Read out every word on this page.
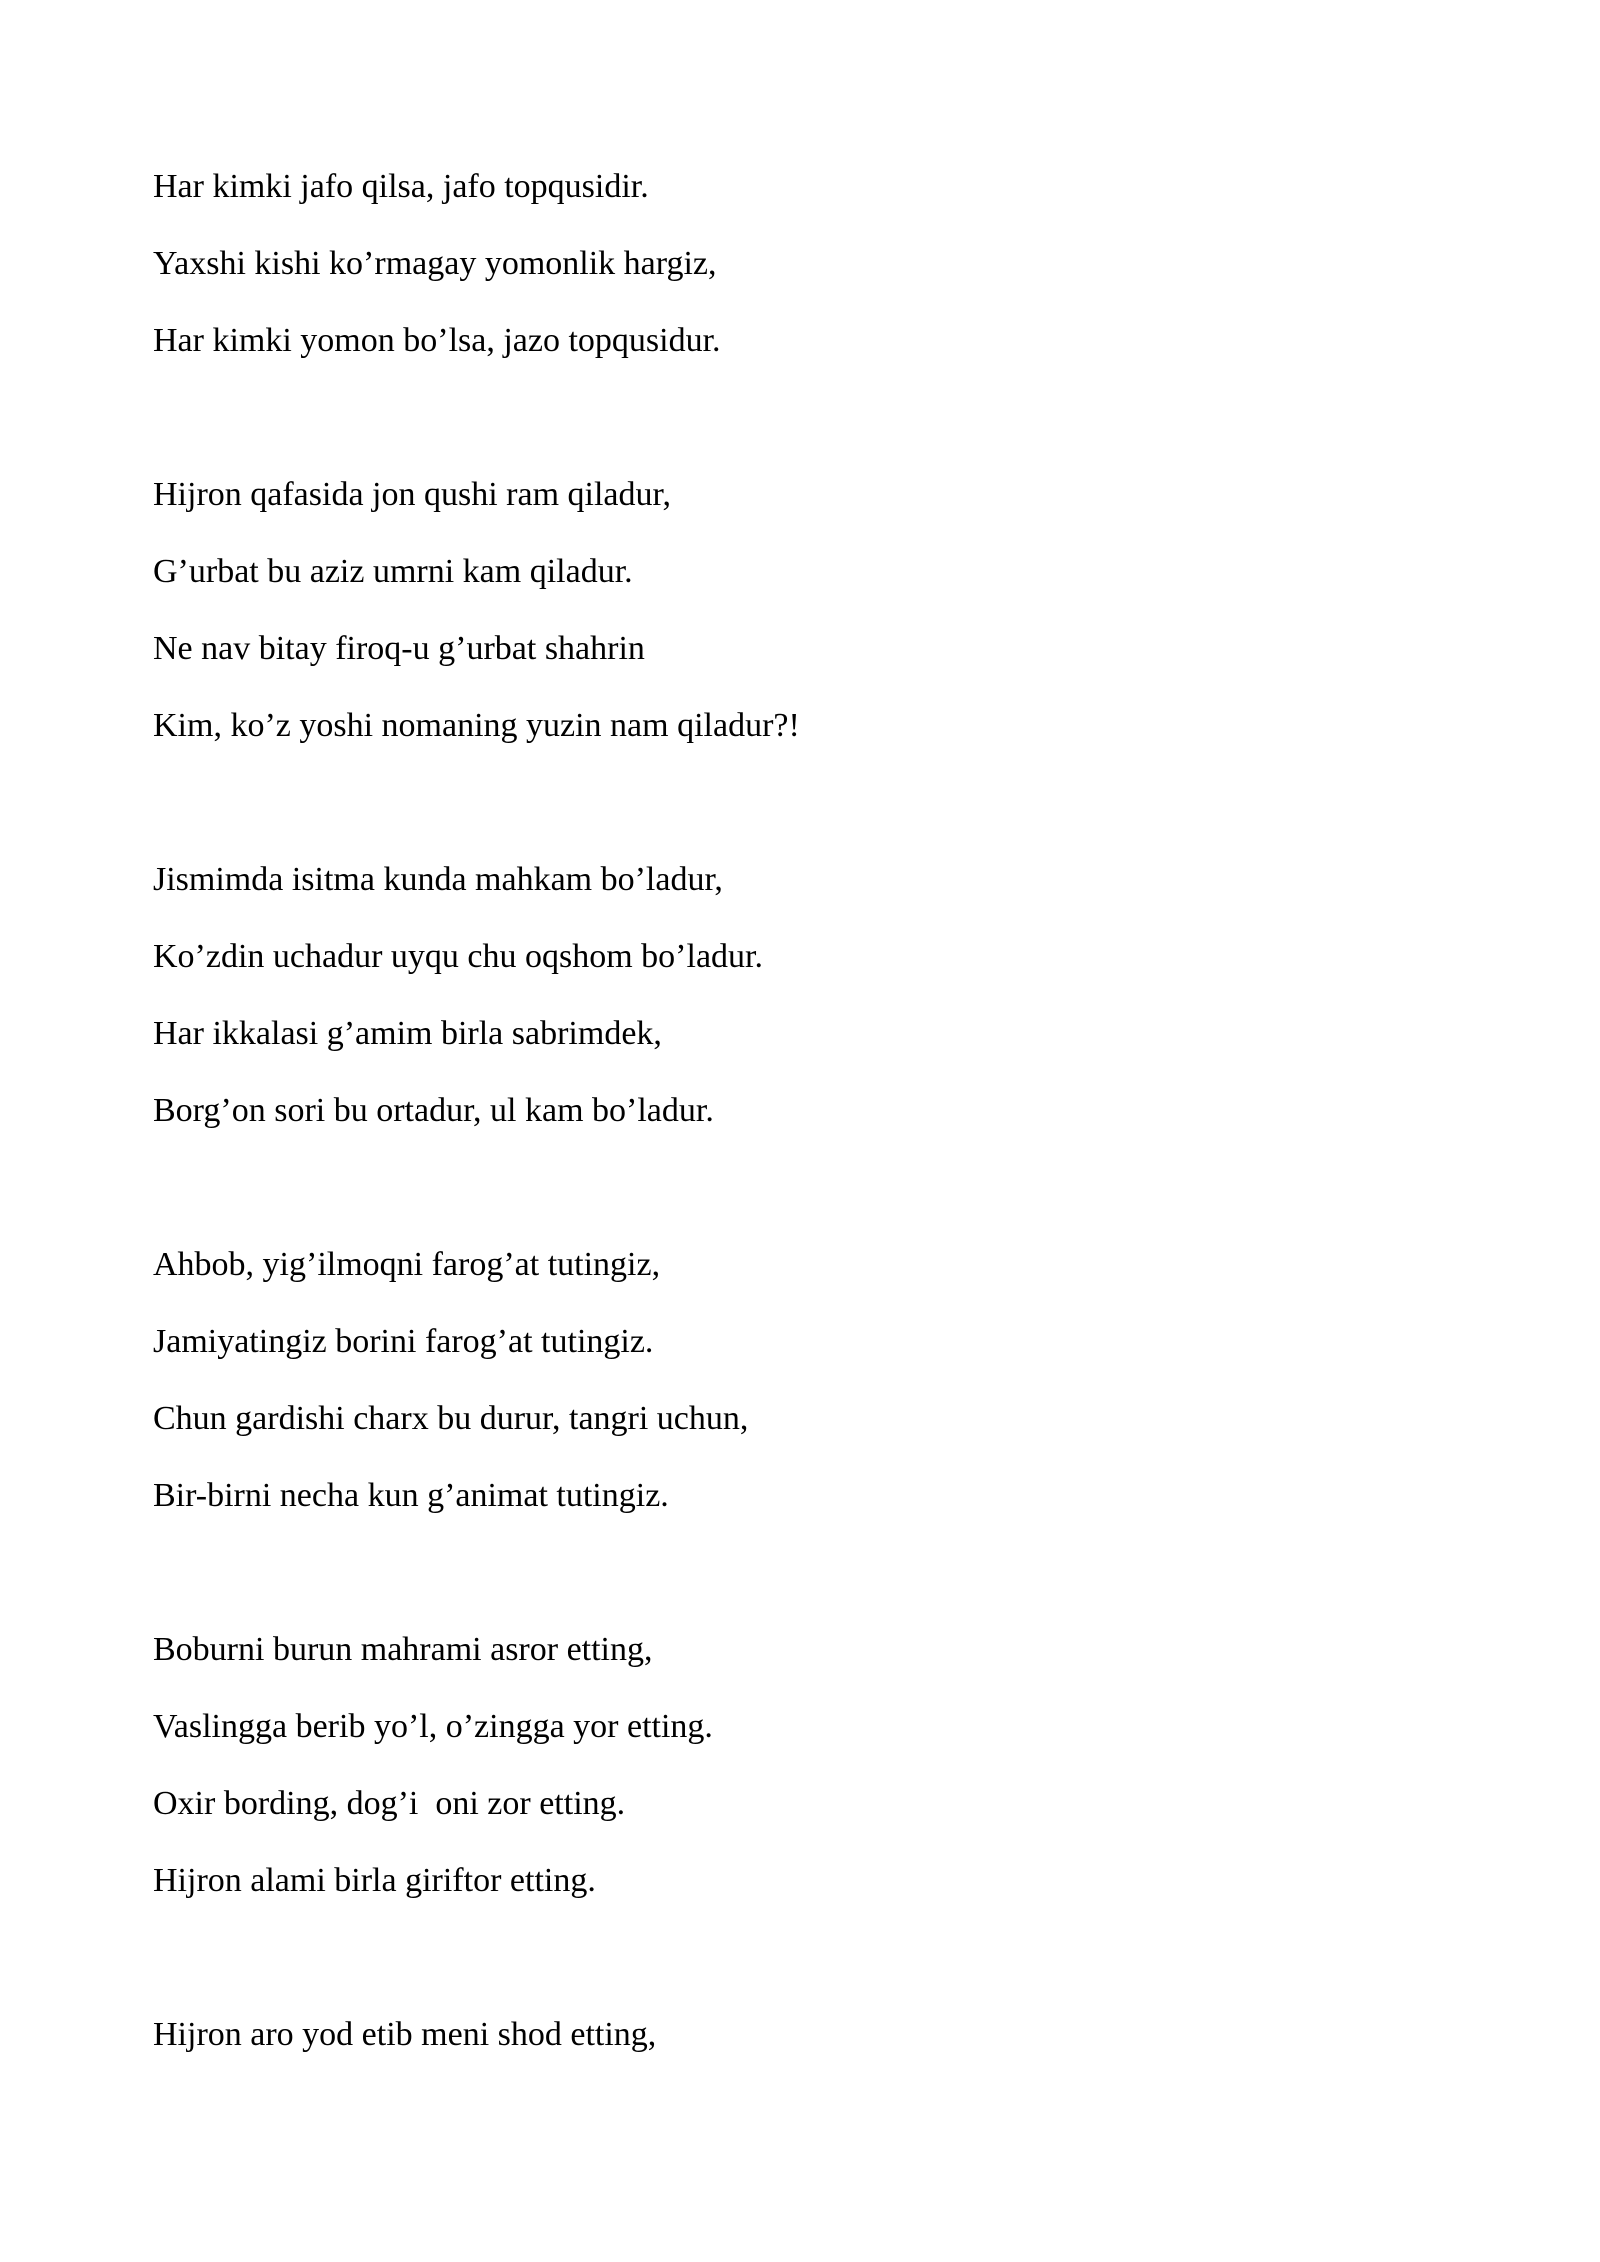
Har kimki jafo qilsa, jafo topqusidir.
Yaxshi kishi ko’rmagay yomonlik hargiz,
Har kimki yomon bo’lsa, jazo topqusidur.
Hijron qafasida jon qushi ram qiladur,
G’urbat bu aziz umrni kam qiladur.
Ne nav bitay firoq-u g’urbat shahrin
Kim, ko’z yoshi nomaning yuzin nam qiladur?!
Jismimda isitma kunda mahkam bo’ladur,
Ko’zdin uchadur uyqu chu oqshom bo’ladur.
Har ikkalasi g’amim birla sabrimdek,
Borg’on sori bu ortadur, ul kam bo’ladur.
Ahbob, yig’ilmoqni farog’at tutingiz,
Jamiyatingiz borini farog’at tutingiz.
Chun gardishi charx bu durur, tangri uchun,
Bir-birni necha kun g’animat tutingiz.
Boburni burun mahrami asror etting,
Vaslingga berib yo’l, o’zingga yor etting.
Oxir bording, dog’i  oni zor etting.
Hijron alami birla giriftor etting.
Hijron aro yod etib meni shod etting,
